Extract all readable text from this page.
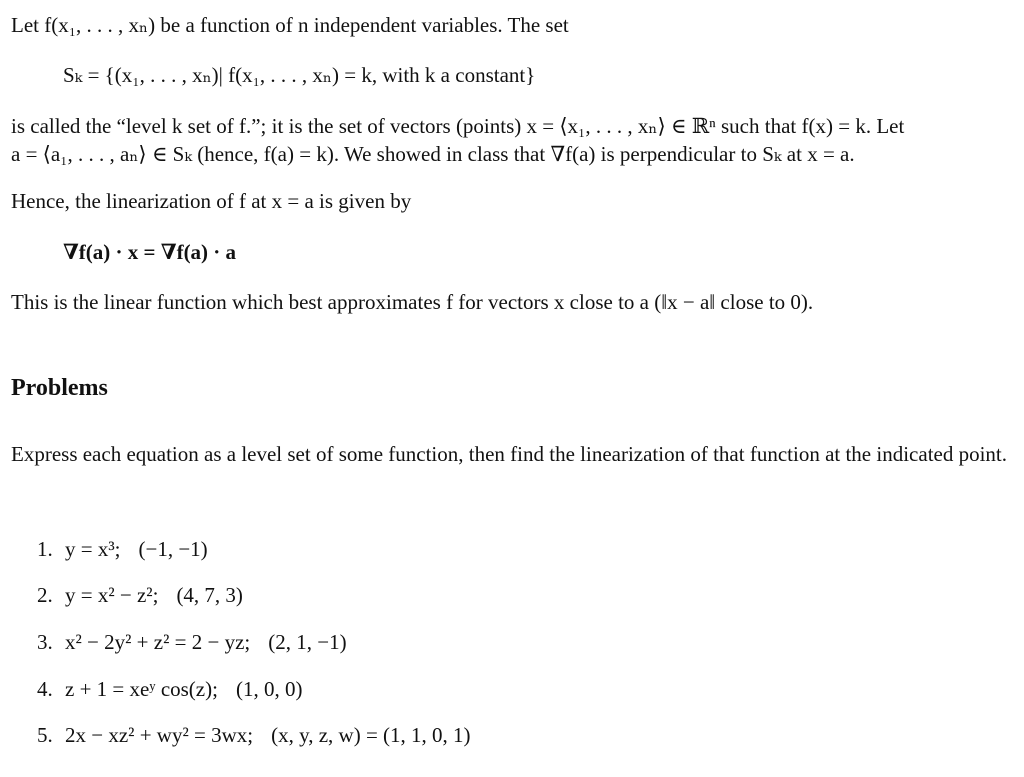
Let f(x₁, . . . , xₙ) be a function of n independent variables. The set
Sₖ = {(x₁, . . . , xₙ)| f(x₁, . . . , xₙ) = k, with k a constant}
is called the “level k set of f.”; it is the set of vectors (points) x = ⟨x₁, . . . , xₙ⟩ ∈ ℝⁿ such that f(x) = k. Let
a = ⟨a₁, . . . , aₙ⟩ ∈ Sₖ (hence, f(a) = k). We showed in class that ∇f(a) is perpendicular to Sₖ at x = a.
Hence, the linearization of f at x = a is given by
∇f(a) · x = ∇f(a) · a
This is the linear function which best approximates f for vectors x close to a (‖x − a‖ close to 0).
Problems
Express each equation as a level set of some function, then find the linearization of that function at the indicated point.
1. y = x³; (−1, −1)
2. y = x² − z²; (4, 7, 3)
3. x² − 2y² + z² = 2 − yz; (2, 1, −1)
4. z + 1 = xeʸ cos(z); (1, 0, 0)
5. 2x − xz² + wy² = 3wx; (x, y, z, w) = (1, 1, 0, 1)
